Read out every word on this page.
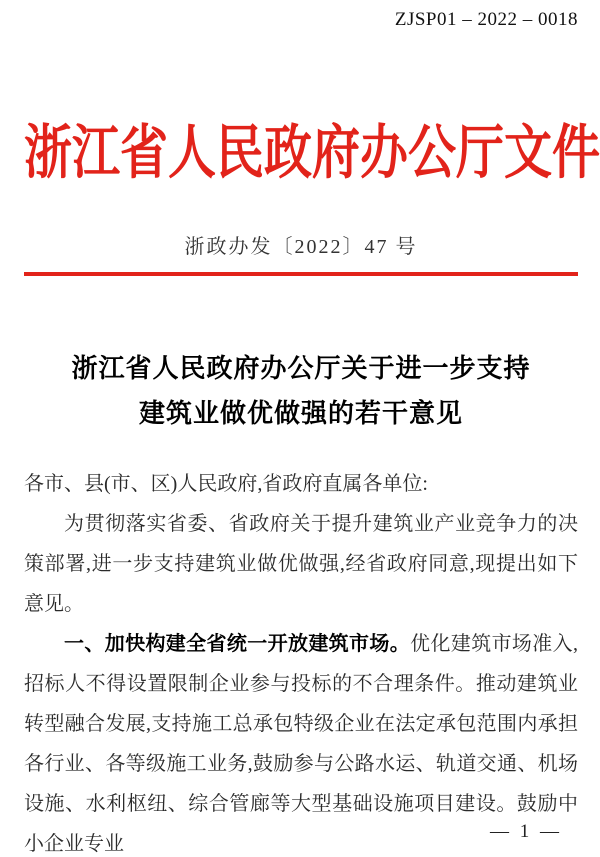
ZJSP01 – 2022 – 0018
浙江省人民政府办公厅文件
浙政办发〔2022〕47 号
浙江省人民政府办公厅关于进一步支持
建筑业做优做强的若干意见

各市、县(市、区)人民政府,省政府直属各单位:

为贯彻落实省委、省政府关于提升建筑业产业竞争力的决策部署,进一步支持建筑业做优做强,经省政府同意,现提出如下意见。

一、加快构建全省统一开放建筑市场。优化建筑市场准入,招标人不得设置限制企业参与投标的不合理条件。推动建筑业转型融合发展,支持施工总承包特级企业在法定承包范围内承担各行业、各等级施工业务,鼓励参与公路水运、轨道交通、机场设施、水利枢纽、综合管廊等大型基础设施项目建设。鼓励中小企业专业

— 1 —
